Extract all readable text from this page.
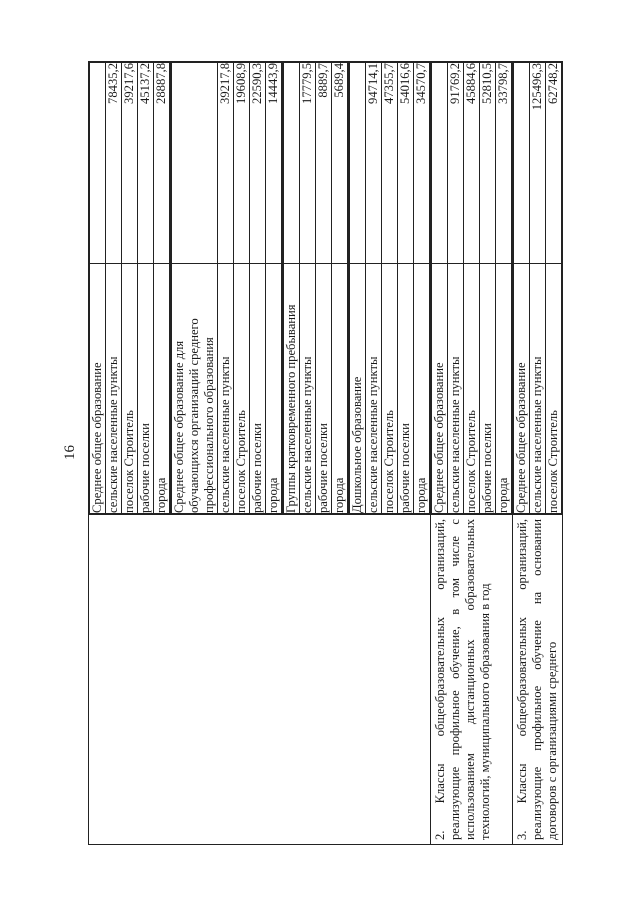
16
	Среднее общее образование	сельские населенные пункты	78435,2
поселок Строитель	39217,6
рабочие поселки	45137,2
города	28887,8

Среднее общее образование для обучающихся организаций среднего профессионального образования	сельские населенные пункты	39217,8
поселок Строитель	19608,9
рабочие поселки	22590,3
города	14443,9

Группы кратковременного пребывания	сельские населенные пункты	17779,5
рабочие поселки	8889,7
города	5689,4

Дошкольное образование	сельские населенные пункты	94714,1
поселок Строитель	47355,7
рабочие поселки	54016,6
города	34570,7

2. Классы общеобразовательных организаций, реализующие профильное обучение, в том числе с использованием дистанционных образовательных технологий, муниципального образования в год	
Среднее общее образование	сельские населенные пункты	91769,2
поселок Строитель	45884,6
рабочие поселки	52810,5
города	33798,7

3. Классы общеобразовательных организаций, реализующие профильное обучение на основании договоров с организациями среднего	
Среднее общее образование	сельские населенные пункты	125496,3
поселок Строитель	62748,2
